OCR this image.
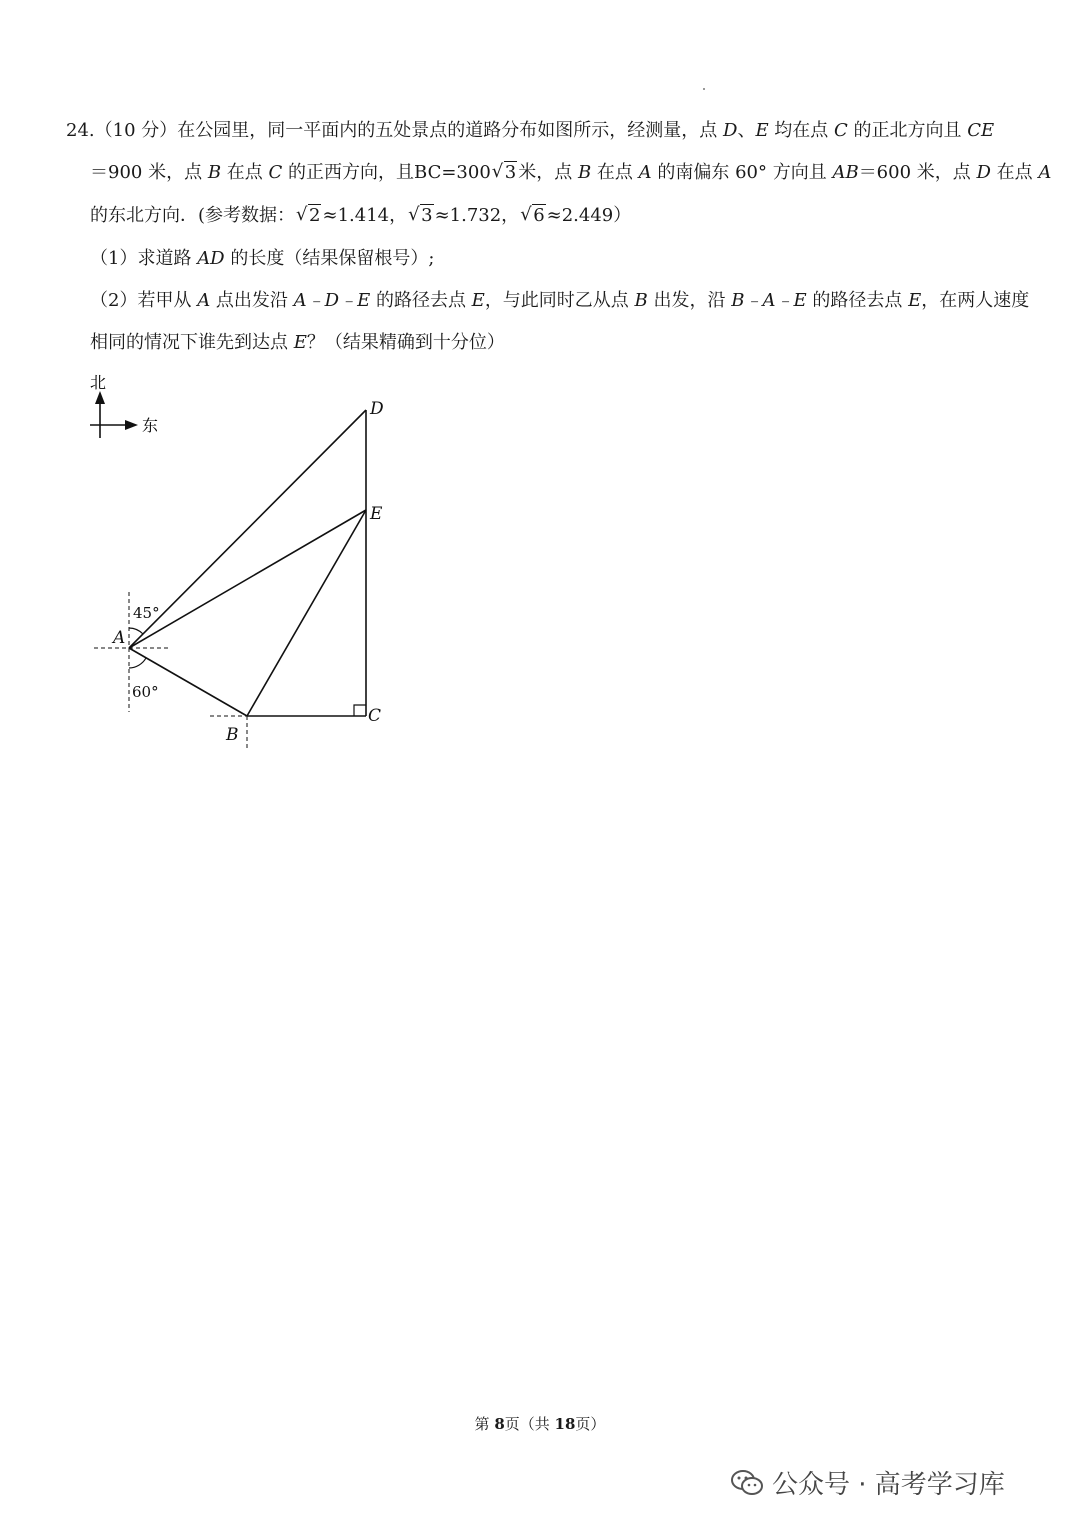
24.（10 分）在公园里，同一平面内的五处景点的道路分布如图所示，经测量，点 D、E 均在点 C 的正北方向且 CE
＝900 米，点 B 在点 C 的正西方向，且BC=300 √ 3 米，点 B 在点 A 的南偏东 60° 方向且 AB＝600 米，点 D 在点 A
的东北方向．(参考数据： √ 2 ≈1.414， √ 3 ≈1.732， √ 6 ≈2.449）
（1）求道路 AD 的长度（结果保留根号）;
（2）若甲从 A 点出发沿 A﹣D﹣E 的路径去点 E，与此同时乙从点 B 出发，沿 B﹣A﹣E 的路径去点 E，在两人速度
相同的情况下谁先到达点 E？（结果精确到十分位）
北
东
A
B
C
D
E
45°
60°
第 8页（共 18页）
公众号 · 高考学习库
